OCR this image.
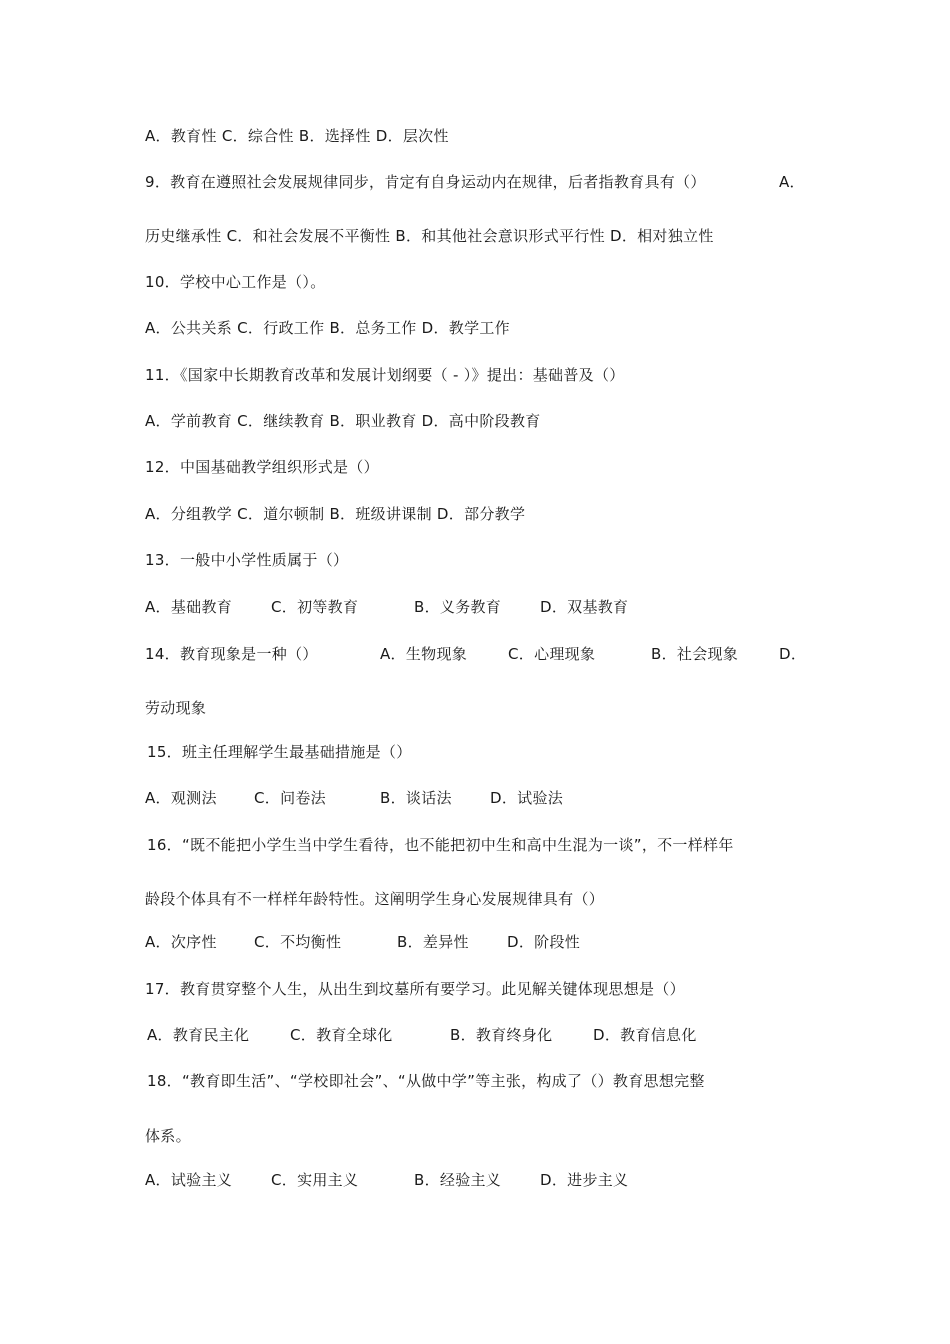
A．教育性 C．综合性 B．选择性 D．层次性
9．教育在遵照社会发展规律同步，肯定有自身运动内在规律，后者指教育具有（）	A．
历史继承性 C．和社会发展不平衡性 B．和其他社会意识形式平行性 D．相对独立性
10．学校中心工作是（）。
A．公共关系 C．行政工作 B．总务工作 D．教学工作
11．《国家中长期教育改革和发展计划纲要（ - ）》提出：基础普及（）
A．学前教育 C．继续教育 B．职业教育 D．高中阶段教育
12．中国基础教学组织形式是（）
A．分组教学 C．道尔顿制 B．班级讲课制 D．部分教学
13．一般中小学性质属于（）
A．基础教育	C．初等教育	B．义务教育	D．双基教育
14．教育现象是一种（）	A．生物现象	C．心理现象	B．社会现象	D．
劳动现象
15．班主任理解学生最基础措施是（）
A．观测法 C．问卷法	B．谈话法	D．试验法
16．“既不能把小学生当中学生看待，也不能把初中生和高中生混为一谈”，不一样样年
龄段个体具有不一样样年龄特性。这阐明学生身心发展规律具有（）
A．次序性 C．不均衡性	B．差异性	D．阶段性
17．教育贯穿整个人生，从出生到坟墓所有要学习。此见解关键体现思想是（）
A．教育民主化	C．教育全球化	B．教育终身化	D．教育信息化
18．“教育即生活”、“学校即社会”、“从做中学”等主张，构成了（）教育思想完整
体系。
A．试验主义	C．实用主义	B．经验主义	D．进步主义
